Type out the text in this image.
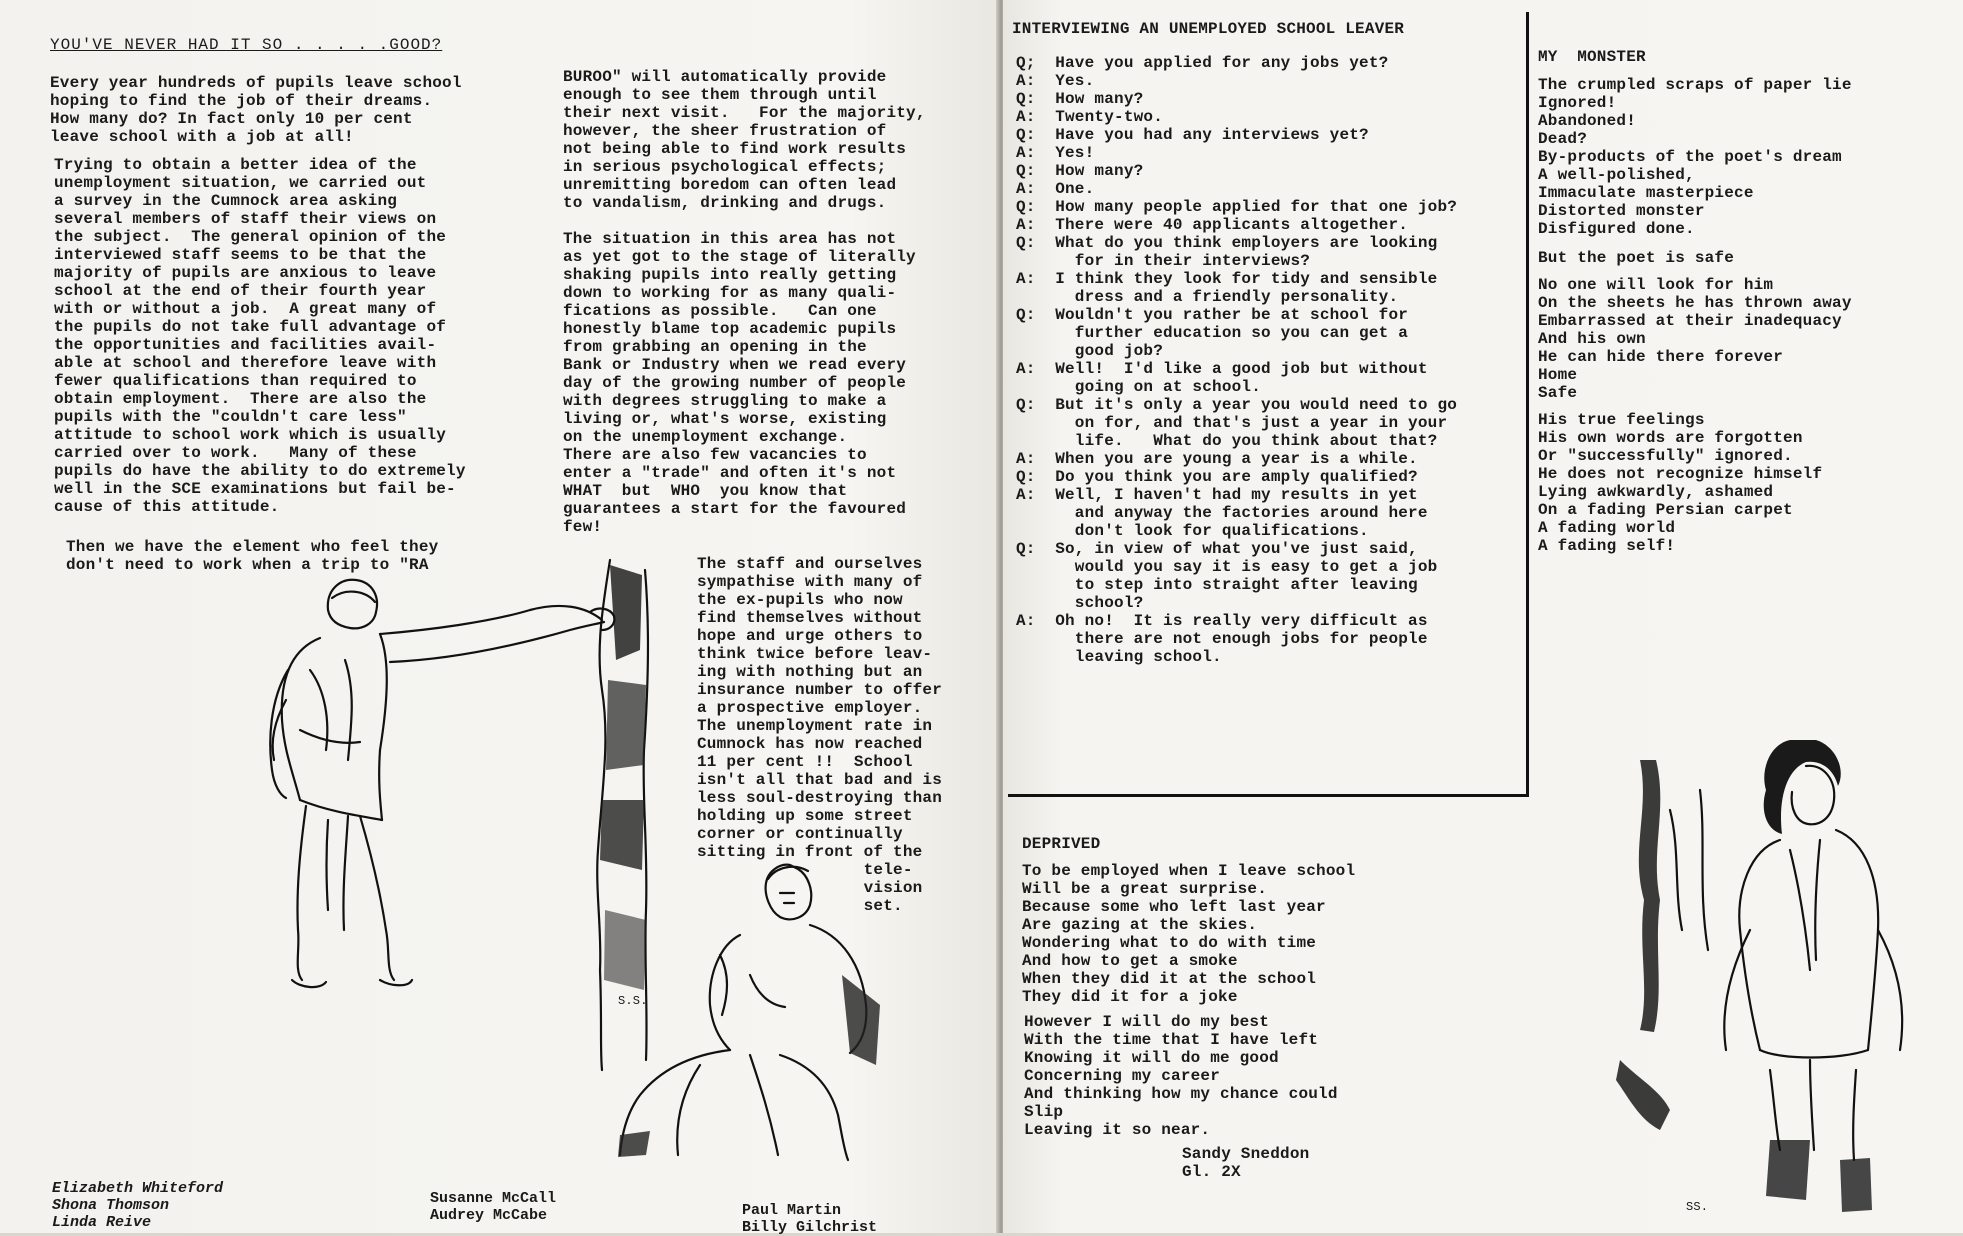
YOU'VE NEVER HAD IT SO . . . . .GOOD?
Every year hundreds of pupils leave school
hoping to find the job of their dreams.
How many do? In fact only 10 per cent
leave school with a job at all!
Trying to obtain a better idea of the
unemployment situation, we carried out
a survey in the Cumnock area asking
several members of staff their views on
the subject.  The general opinion of the
interviewed staff seems to be that the
majority of pupils are anxious to leave
school at the end of their fourth year
with or without a job.  A great many of
the pupils do not take full advantage of
the opportunities and facilities avail-
able at school and therefore leave with
fewer qualifications than required to
obtain employment.  There are also the
pupils with the "couldn't care less"
attitude to school work which is usually
carried over to work.   Many of these
pupils do have the ability to do extremely
well in the SCE examinations but fail be-
cause of this attitude.
Then we have the element who feel they
don't need to work when a trip to "RA
BUROO" will automatically provide
enough to see them through until
their next visit.   For the majority,
however, the sheer frustration of
not being able to find work results
in serious psychological effects;
unremitting boredom can often lead
to vandalism, drinking and drugs.
The situation in this area has not
as yet got to the stage of literally
shaking pupils into really getting
down to working for as many quali-
fications as possible.   Can one
honestly blame top academic pupils
from grabbing an opening in the
Bank or Industry when we read every
day of the growing number of people
with degrees struggling to make a
living or, what's worse, existing
on the unemployment exchange.
There are also few vacancies to
enter a "trade" and often it's not
WHAT  but  WHO  you know that
guarantees a start for the favoured
few!
The staff and ourselves
sympathise with many of
the ex-pupils who now
find themselves without
hope and urge others to
think twice before leav-
ing with nothing but an
insurance number to offer
a prospective employer.
The unemployment rate in
Cumnock has now reached
11 per cent !!  School
isn't all that bad and is
less soul-destroying than
holding up some street
corner or continually
sitting in front of the
tele-
vision
set.
S.S.
Elizabeth Whiteford
Shona Thomson
Linda Reive
Susanne McCall
Audrey McCabe	Paul Martin
Billy Gilchrist
INTERVIEWING AN UNEMPLOYED SCHOOL LEAVER
Q;  Have you applied for any jobs yet?
A:  Yes.
Q:  How many?
A:  Twenty-two.
Q:  Have you had any interviews yet?
A:  Yes!
Q:  How many?
A:  One.
Q:  How many people applied for that one job?
A:  There were 40 applicants altogether.
Q:  What do you think employers are looking
for in their interviews?
A:  I think they look for tidy and sensible
dress and a friendly personality.
Q:  Wouldn't you rather be at school for
further education so you can get a
good job?
A:  Well!  I'd like a good job but without
going on at school.
Q:  But it's only a year you would need to go
on for, and that's just a year in your
life.   What do you think about that?
A:  When you are young a year is a while.
Q:  Do you think you are amply qualified?
A:  Well, I haven't had my results in yet
and anyway the factories around here
don't look for qualifications.
Q:  So, in view of what you've just said,
would you say it is easy to get a job
to step into straight after leaving
school?
A:  Oh no!  It is really very difficult as
there are not enough jobs for people
leaving school.
MY  MONSTER
The crumpled scraps of paper lie
Ignored!
Abandoned!
Dead?
By-products of the poet's dream
A well-polished,
Immaculate masterpiece
Distorted monster
Disfigured done.
But the poet is safe
No one will look for him
On the sheets he has thrown away
Embarrassed at their inadequacy
And his own
He can hide there forever
Home
Safe
His true feelings
His own words are forgotten
Or "successfully" ignored.
He does not recognize himself
Lying awkwardly, ashamed
On a fading Persian carpet
A fading world
A fading self!
DEPRIVED
To be employed when I leave school
Will be a great surprise.
Because some who left last year
Are gazing at the skies.
Wondering what to do with time
And how to get a smoke
When they did it at the school
They did it for a joke
However I will do my best
With the time that I have left
Knowing it will do me good
Concerning my career
And thinking how my chance could
Slip
Leaving it so near.
Sandy Sneddon
Gl. 2X
SS.
